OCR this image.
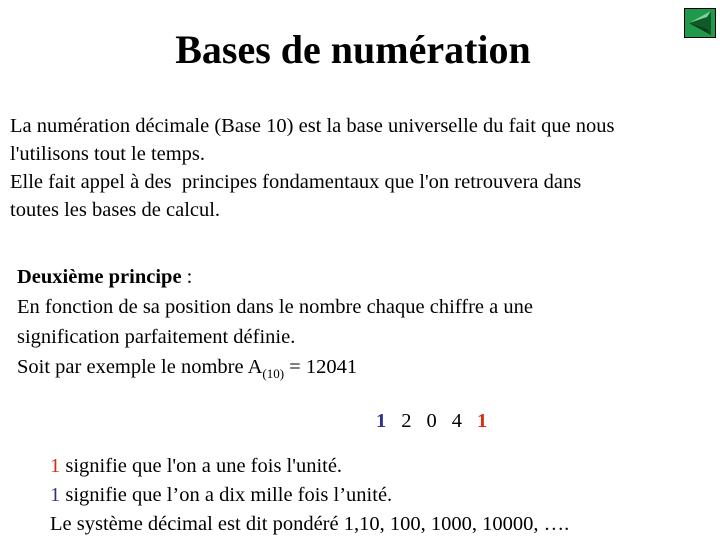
Bases de numération
La numération décimale (Base 10) est la base universelle du fait que nous
l'utilisons tout le temps.
Elle fait appel à des  principes fondamentaux que l'on retrouvera dans
toutes les bases de calcul.
Deuxième principe :
En fonction de sa position dans le nombre chaque chiffre a une
signification parfaitement définie.
Soit par exemple le nombre $A_{(10)} = 12041$
1 2 0 4 1
1 signifie que l'on a une fois l'unité.
1 signifie que l’on a dix mille fois l’unité.
Le système décimal est dit pondéré 1,10, 100, 1000, 10000, ….
